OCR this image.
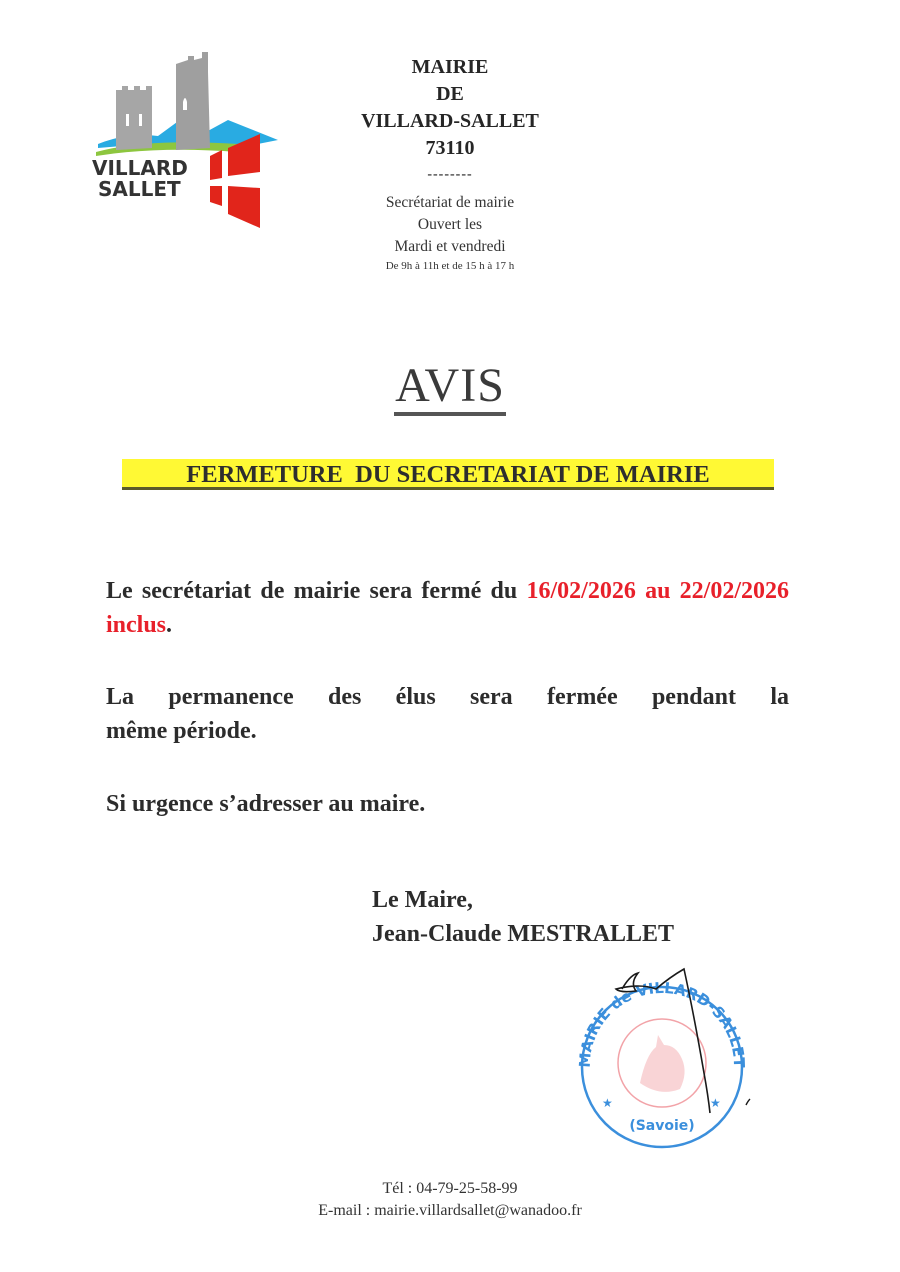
VILLARD
SALLET
MAIRIE
DE
VILLARD-SALLET
73110
--------
Secrétariat de mairie
Ouvert les
Mardi et vendredi
De 9h à 11h et de 15 h à 17 h
AVIS
FERMETURE  DU SECRETARIAT DE MAIRIE
Le secrétariat de mairie sera fermé du 16/02/2026 au 22/02/2026 inclus.
La permanence des élus sera fermée pendant la
même période.
Si urgence s’adresser au maire.
Le Maire,
Jean-Claude MESTRALLET
MAIRIE de VILLARD-SALLET
(Savoie)
★	★
Tél : 04-79-25-58-99
E-mail : mairie.villardsallet@wanadoo.fr
